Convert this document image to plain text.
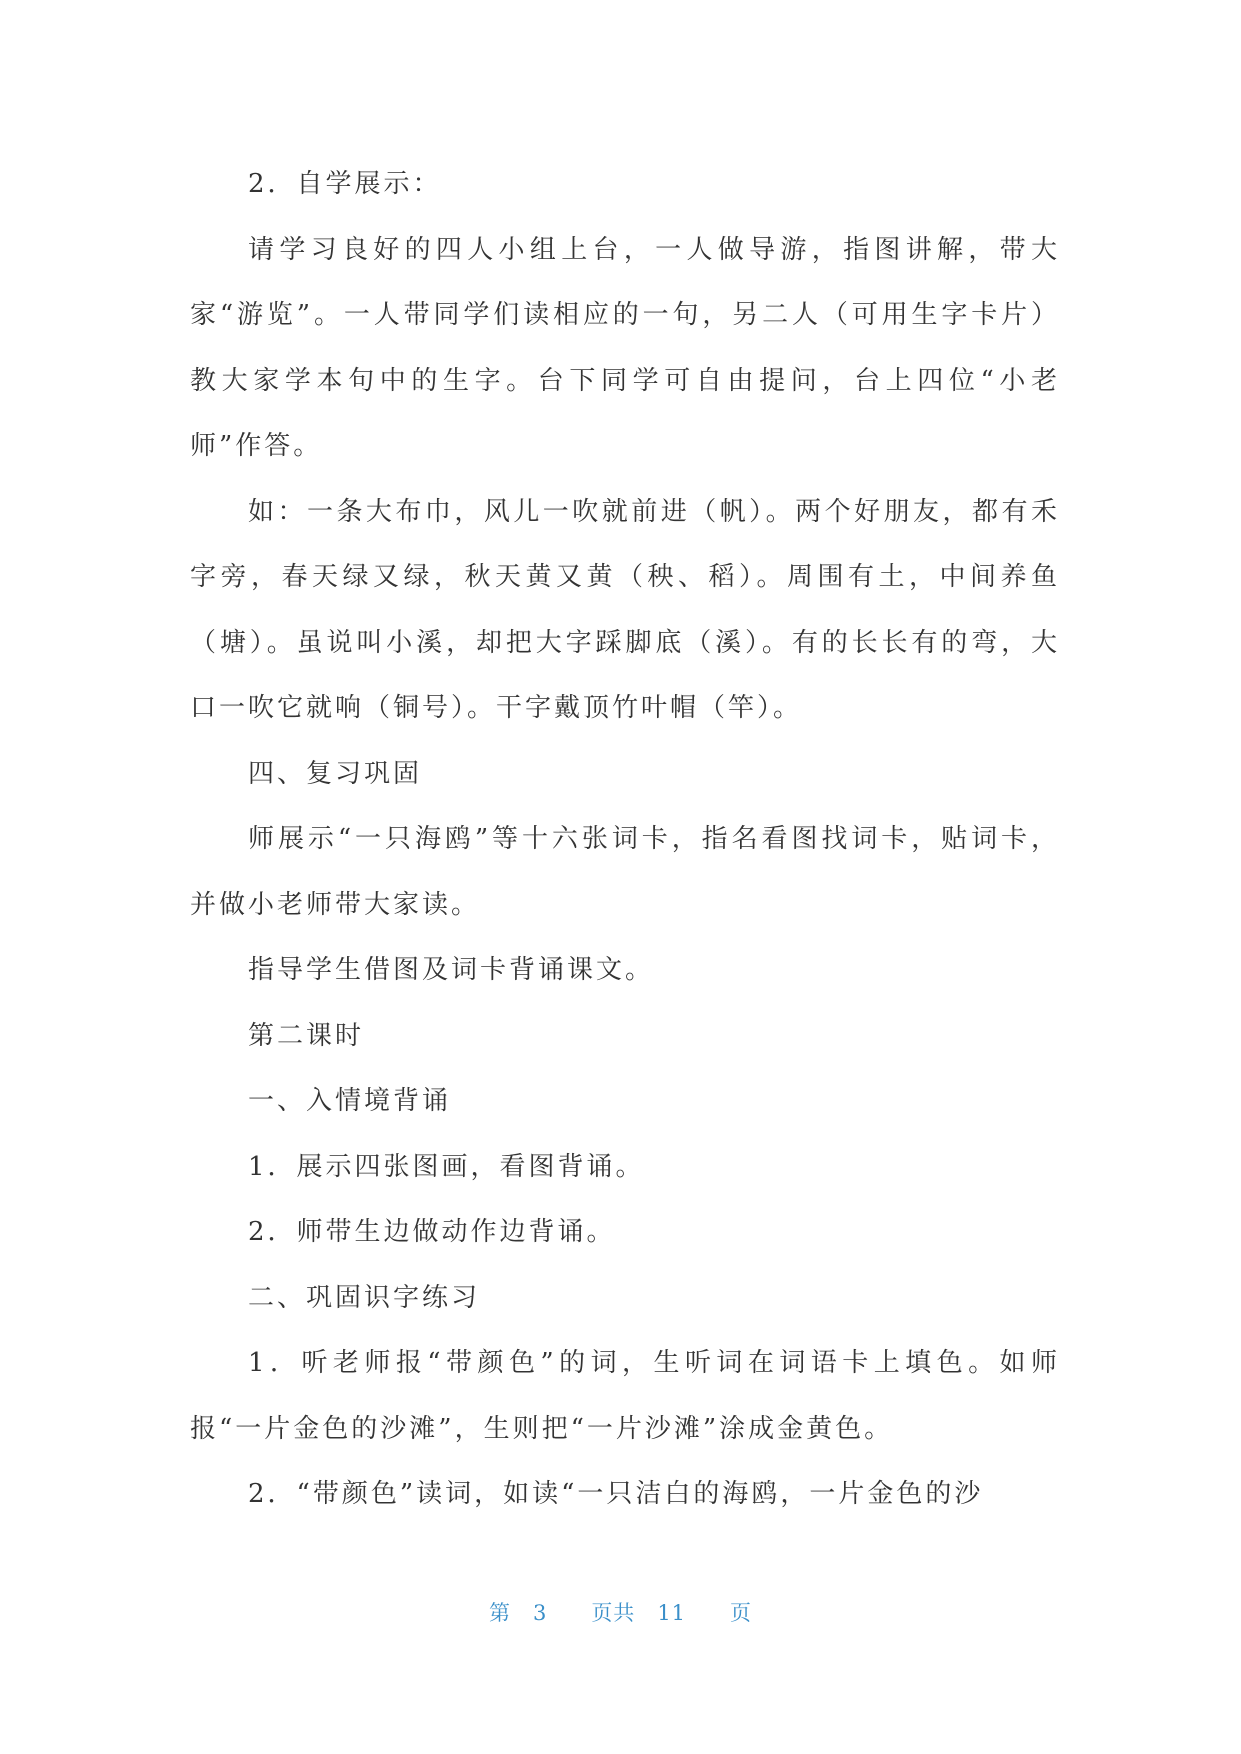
2．自学展示：

请学习良好的四人小组上台，一人做导游，指图讲解，带大家“游览”。一人带同学们读相应的一句，另二人（可用生字卡片）教大家学本句中的生字。台下同学可自由提问，台上四位“小老师”作答。

如：一条大布巾，风儿一吹就前进（帆）。两个好朋友，都有禾字旁，春天绿又绿，秋天黄又黄（秧、稻）。周围有土，中间养鱼（塘）。虽说叫小溪，却把大字踩脚底（溪）。有的长长有的弯，大口一吹它就响（铜号）。干字戴顶竹叶帽（竿）。

四、复习巩固

师展示“一只海鸥”等十六张词卡，指名看图找词卡，贴词卡，并做小老师带大家读。

指导学生借图及词卡背诵课文。

第二课时

一、入情境背诵

1．展示四张图画，看图背诵。

2．师带生边做动作边背诵。

二、巩固识字练习

1．听老师报“带颜色”的词，生听词在词语卡上填色。如师报“一片金色的沙滩”，生则把“一片沙滩”涂成金黄色。

2．“带颜色”读词，如读“一只洁白的海鸥，一片金色的沙

第 3 页共 11 页
